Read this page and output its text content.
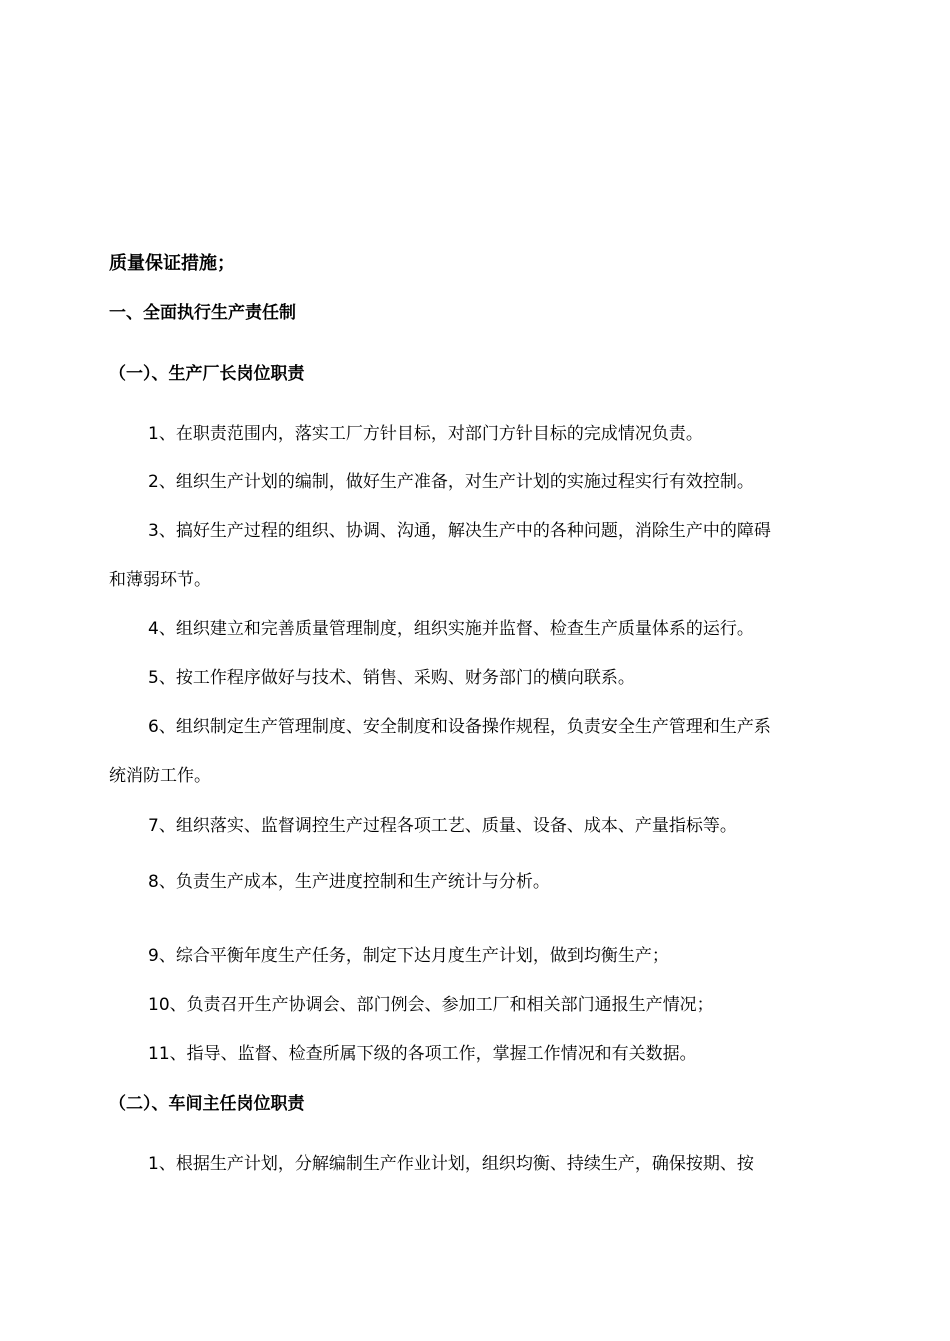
质量保证措施；
一、全面执行生产责任制
（一）、生产厂长岗位职责
1、在职责范围内，落实工厂方针目标，对部门方针目标的完成情况负责。
2、组织生产计划的编制，做好生产准备，对生产计划的实施过程实行有效控制。
3、搞好生产过程的组织、协调、沟通，解决生产中的各种问题，消除生产中的障碍
和薄弱环节。
4、组织建立和完善质量管理制度，组织实施并监督、检查生产质量体系的运行。
5、按工作程序做好与技术、销售、采购、财务部门的横向联系。
6、组织制定生产管理制度、安全制度和设备操作规程，负责安全生产管理和生产系
统消防工作。
7、组织落实、监督调控生产过程各项工艺、质量、设备、成本、产量指标等。
8、负责生产成本，生产进度控制和生产统计与分析。
9、综合平衡年度生产任务，制定下达月度生产计划，做到均衡生产；
10、负责召开生产协调会、部门例会、参加工厂和相关部门通报生产情况；
11、指导、监督、检查所属下级的各项工作，掌握工作情况和有关数据。
（二）、车间主任岗位职责
1、根据生产计划，分解编制生产作业计划，组织均衡、持续生产，确保按期、按
